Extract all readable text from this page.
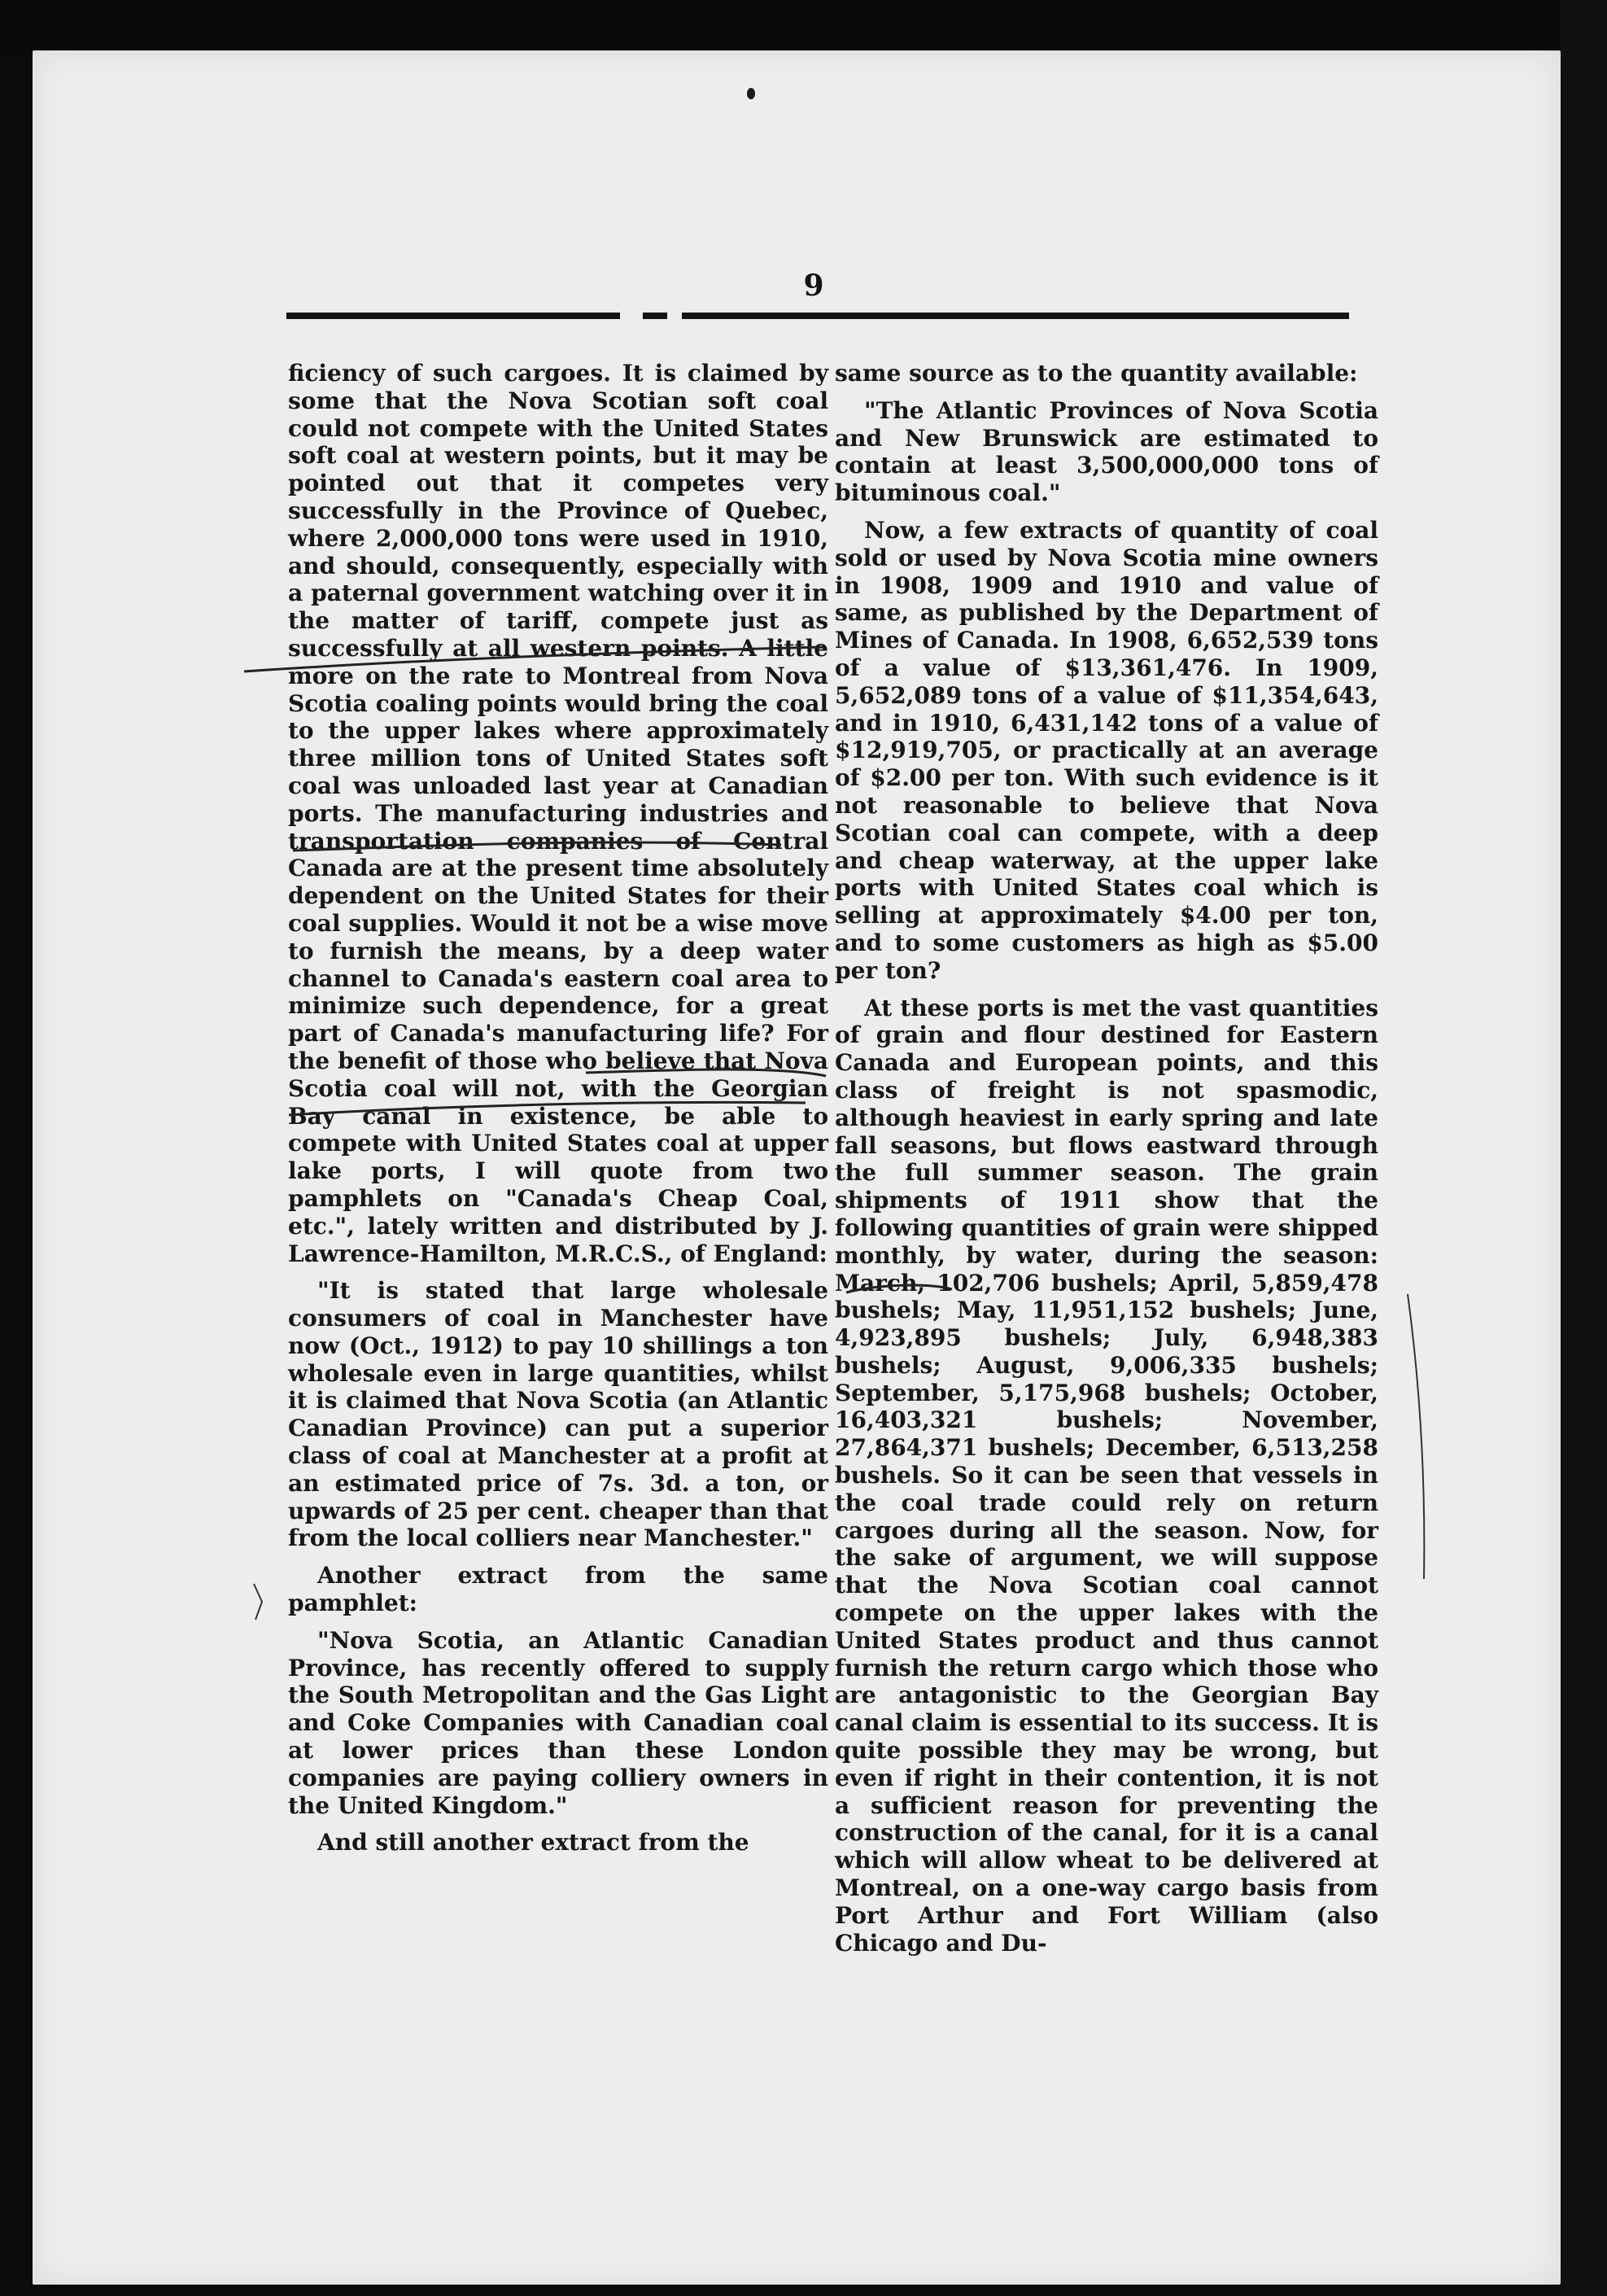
9

ficiency of such cargoes. It is claimed by some that the Nova Scotian soft coal could not compete with the United States soft coal at western points, but it may be pointed out that it competes very successfully in the Province of Quebec, where 2,000,000 tons were used in 1910, and should, consequently, especially with a paternal government watching over it in the matter of tariff, compete just as successfully at all western points. A little more on the rate to Montreal from Nova Scotia coaling points would bring the coal to the upper lakes where approximately three million tons of United States soft coal was unloaded last year at Canadian ports. The manufacturing industries and transportation companies of Central Canada are at the present time absolutely dependent on the United States for their coal supplies. Would it not be a wise move to furnish the means, by a deep water channel to Canada's eastern coal area to minimize such dependence, for a great part of Canada's manufacturing life? For the benefit of those who believe that Nova Scotia coal will not, with the Georgian Bay canal in existence, be able to compete with United States coal at upper lake ports, I will quote from two pamphlets on "Canada's Cheap Coal, etc.", lately written and distributed by J. Lawrence-Hamilton, M.R.C.S., of England:

"It is stated that large wholesale consumers of coal in Manchester have now (Oct., 1912) to pay 10 shillings a ton wholesale even in large quantities, whilst it is claimed that Nova Scotia (an Atlantic Canadian Province) can put a superior class of coal at Manchester at a profit at an estimated price of 7s. 3d. a ton, or upwards of 25 per cent. cheaper than that from the local colliers near Manchester."

Another extract from the same pamphlet:

"Nova Scotia, an Atlantic Canadian Province, has recently offered to supply the South Metropolitan and the Gas Light and Coke Companies with Canadian coal at lower prices than these London companies are paying colliery owners in the United Kingdom."

And still another extract from the

same source as to the quantity available:

"The Atlantic Provinces of Nova Scotia and New Brunswick are estimated to contain at least 3,500,000,000 tons of bituminous coal."

Now, a few extracts of quantity of coal sold or used by Nova Scotia mine owners in 1908, 1909 and 1910 and value of same, as published by the Department of Mines of Canada. In 1908, 6,652,539 tons of a value of $13,361,476. In 1909, 5,652,089 tons of a value of $11,354,643, and in 1910, 6,431,142 tons of a value of $12,919,705, or practically at an average of $2.00 per ton. With such evidence is it not reasonable to believe that Nova Scotian coal can compete, with a deep and cheap waterway, at the upper lake ports with United States coal which is selling at approximately $4.00 per ton, and to some customers as high as $5.00 per ton?

At these ports is met the vast quantities of grain and flour destined for Eastern Canada and European points, and this class of freight is not spasmodic, although heaviest in early spring and late fall seasons, but flows eastward through the full summer season. The grain shipments of 1911 show that the following quantities of grain were shipped monthly, by water, during the season: March, 102,706 bushels; April, 5,859,478 bushels; May, 11,951,152 bushels; June, 4,923,895 bushels; July, 6,948,383 bushels; August, 9,006,335 bushels; September, 5,175,968 bushels; October, 16,403,321 bushels; November, 27,864,371 bushels; December, 6,513,258 bushels. So it can be seen that vessels in the coal trade could rely on return cargoes during all the season. Now, for the sake of argument, we will suppose that the Nova Scotian coal cannot compete on the upper lakes with the United States product and thus cannot furnish the return cargo which those who are antagonistic to the Georgian Bay canal claim is essential to its success. It is quite possible they may be wrong, but even if right in their contention, it is not a sufficient reason for preventing the construction of the canal, for it is a canal which will allow wheat to be delivered at Montreal, on a one-way cargo basis from Port Arthur and Fort William (also Chicago and Du-
